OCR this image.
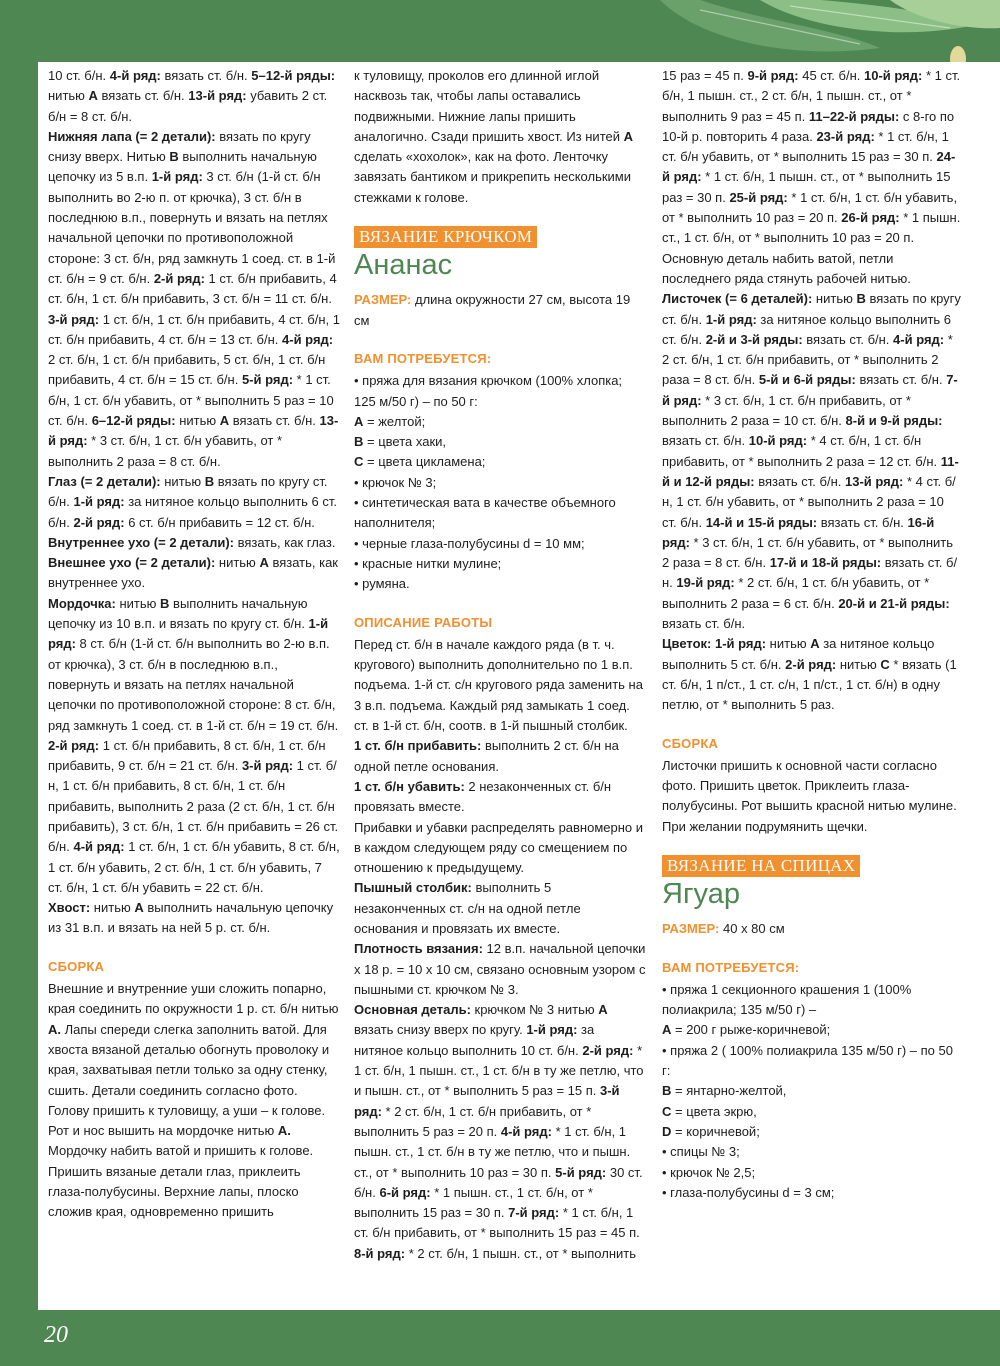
10 ст. б/н. 4-й ряд: вязать ст. б/н. 5–12-й ряды: нитью А вязать ст. б/н. 13-й ряд: убавить 2 ст. б/н = 8 ст. б/н.

Нижняя лапа (= 2 детали): вязать по кругу снизу вверх. Нитью В выполнить начальную цепочку из 5 в.п. 1-й ряд: 3 ст. б/н (1-й ст. б/н выполнить во 2-ю п. от крючка), 3 ст. б/н в последнюю в.п., повернуть и вязать на петлях начальной цепочки по противоположной стороне: 3 ст. б/н, ряд замкнуть 1 соед. ст. в 1-й ст. б/н = 9 ст. б/н. 2-й ряд: 1 ст. б/н прибавить, 4 ст. б/н, 1 ст. б/н прибавить, 3 ст. б/н = 11 ст. б/н. 3-й ряд: 1 ст. б/н, 1 ст. б/н прибавить, 4 ст. б/н, 1 ст. б/н прибавить, 4 ст. б/н = 13 ст. б/н. 4-й ряд: 2 ст. б/н, 1 ст. б/н прибавить, 5 ст. б/н, 1 ст. б/н прибавить, 4 ст. б/н = 15 ст. б/н. 5-й ряд: * 1 ст. б/н, 1 ст. б/н убавить, от * выполнить 5 раз = 10 ст. б/н. 6–12-й ряды: нитью А вязать ст. б/н. 13-й ряд: * 3 ст. б/н, 1 ст. б/н убавить, от * выполнить 2 раза = 8 ст. б/н.

Глаз (= 2 детали): нитью В вязать по кругу ст. б/н. 1-й ряд: за нитяное кольцо выполнить 6 ст. б/н. 2-й ряд: 6 ст. б/н прибавить = 12 ст. б/н.

Внутреннее ухо (= 2 детали): вязать, как глаз.

Внешнее ухо (= 2 детали): нитью А вязать, как внутреннее ухо.

Мордочка: нитью В выполнить начальную цепочку из 10 в.п. и вязать по кругу ст. б/н. 1-й ряд: 8 ст. б/н (1-й ст. б/н выполнить во 2-ю в.п. от крючка), 3 ст. б/н в последнюю в.п., повернуть и вязать на петлях начальной цепочки по противоположной стороне: 8 ст. б/н, ряд замкнуть 1 соед. ст. в 1-й ст. б/н = 19 ст. б/н. 2-й ряд: 1 ст. б/н прибавить, 8 ст. б/н, 1 ст. б/н прибавить, 9 ст. б/н = 21 ст. б/н. 3-й ряд: 1 ст. б/н, 1 ст. б/н прибавить, 8 ст. б/н, 1 ст. б/н прибавить, выполнить 2 раза (2 ст. б/н, 1 ст. б/н прибавить), 3 ст. б/н, 1 ст. б/н прибавить = 26 ст. б/н. 4-й ряд: 1 ст. б/н, 1 ст. б/н убавить, 8 ст. б/н, 1 ст. б/н убавить, 2 ст. б/н, 1 ст. б/н убавить, 7 ст. б/н, 1 ст. б/н убавить = 22 ст. б/н.

Хвост: нитью А выполнить начальную цепочку из 31 в.п. и вязать на ней 5 р. ст. б/н.

СБОРКА

Внешние и внутренние уши сложить попарно, края соединить по окружности 1 р. ст. б/н нитью А. Лапы спереди слегка заполнить ватой. Для хвоста вязаной деталью обогнуть проволоку и края, захватывая петли только за одну стенку, сшить. Детали соединить согласно фото. Голову пришить к туловищу, а уши – к голове. Рот и нос вышить на мордочке нитью А. Мордочку набить ватой и пришить к голове. Пришить вязаные детали глаз, приклеить глаза-полубусины. Верхние лапы, плоско сложив края, одновременно пришить

к туловищу, проколов его длинной иглой насквозь так, чтобы лапы оставались подвижными. Нижние лапы пришить аналогично. Сзади пришить хвост. Из нитей А сделать «хохолок», как на фото. Ленточку завязать бантиком и прикрепить несколькими стежками к голове.

ВЯЗАНИЕ КРЮЧКОМ

Ананас

РАЗМЕР: длина окружности 27 см, высота 19 см

ВАМ ПОТРЕБУЕТСЯ:

• пряжа для вязания крючком (100% хлопка; 125 м/50 г) – по 50 г:

А = желтой;

В = цвета хаки,

С = цвета цикламена;

• крючок № 3;

• синтетическая вата в качестве объемного наполнителя;

• черные глаза-полубусины d = 10 мм;

• красные нитки мулине;

• румяна.

ОПИСАНИЕ РАБОТЫ

Перед ст. б/н в начале каждого ряда (в т. ч. кругового) выполнить дополнительно по 1 в.п. подъема. 1-й ст. с/н кругового ряда заменить на 3 в.п. подъема. Каждый ряд замыкать 1 соед. ст. в 1-й ст. б/н, соотв. в 1-й пышный столбик.

1 ст. б/н прибавить: выполнить 2 ст. б/н на одной петле основания.

1 ст. б/н убавить: 2 незаконченных ст. б/н провязать вместе.

Прибавки и убавки распределять равномерно и в каждом следующем ряду со смещением по отношению к предыдущему.

Пышный столбик: выполнить 5 незаконченных ст. с/н на одной петле основания и провязать их вместе.

Плотность вязания: 12 в.п. начальной цепочки x 18 р. = 10 x 10 см, связано основным узором с пышными ст. крючком № 3.

Основная деталь: крючком № 3 нитью А вязать снизу вверх по кругу. 1-й ряд: за нитяное кольцо выполнить 10 ст. б/н. 2-й ряд: * 1 ст. б/н, 1 пышн. ст., 1 ст. б/н в ту же петлю, что и пышн. ст., от * выполнить 5 раз = 15 п. 3-й ряд: * 2 ст. б/н, 1 ст. б/н прибавить, от * выполнить 5 раз = 20 п. 4-й ряд: * 1 ст. б/н, 1 пышн. ст., 1 ст. б/н в ту же петлю, что и пышн. ст., от * выполнить 10 раз = 30 п. 5-й ряд: 30 ст. б/н. 6-й ряд: * 1 пышн. ст., 1 ст. б/н, от * выполнить 15 раз = 30 п. 7-й ряд: * 1 ст. б/н, 1 ст. б/н прибавить, от * выполнить 15 раз = 45 п. 8-й ряд: * 2 ст. б/н, 1 пышн. ст., от * выполнить

15 раз = 45 п. 9-й ряд: 45 ст. б/н. 10-й ряд: * 1 ст. б/н, 1 пышн. ст., 2 ст. б/н, 1 пышн. ст., от * выполнить 9 раз = 45 п. 11–22-й ряды: с 8-го по 10-й р. повторить 4 раза. 23-й ряд: * 1 ст. б/н, 1 ст. б/н убавить, от * выполнить 15 раз = 30 п. 24-й ряд: * 1 ст. б/н, 1 пышн. ст., от * выполнить 15 раз = 30 п. 25-й ряд: * 1 ст. б/н, 1 ст. б/н убавить, от * выполнить 10 раз = 20 п. 26-й ряд: * 1 пышн. ст., 1 ст. б/н, от * выполнить 10 раз = 20 п. Основную деталь набить ватой, петли последнего ряда стянуть рабочей нитью.

Листочек (= 6 деталей): нитью В вязать по кругу ст. б/н. 1-й ряд: за нитяное кольцо выполнить 6 ст. б/н. 2-й и 3-й ряды: вязать ст. б/н. 4-й ряд: * 2 ст. б/н, 1 ст. б/н прибавить, от * выполнить 2 раза = 8 ст. б/н. 5-й и 6-й ряды: вязать ст. б/н. 7-й ряд: * 3 ст. б/н, 1 ст. б/н прибавить, от * выполнить 2 раза = 10 ст. б/н. 8-й и 9-й ряды: вязать ст. б/н. 10-й ряд: * 4 ст. б/н, 1 ст. б/н прибавить, от * выполнить 2 раза = 12 ст. б/н. 11-й и 12-й ряды: вязать ст. б/н. 13-й ряд: * 4 ст. б/н, 1 ст. б/н убавить, от * выполнить 2 раза = 10 ст. б/н. 14-й и 15-й ряды: вязать ст. б/н. 16-й ряд: * 3 ст. б/н, 1 ст. б/н убавить, от * выполнить 2 раза = 8 ст. б/н. 17-й и 18-й ряды: вязать ст. б/н. 19-й ряд: * 2 ст. б/н, 1 ст. б/н убавить, от * выполнить 2 раза = 6 ст. б/н. 20-й и 21-й ряды: вязать ст. б/н.

Цветок: 1-й ряд: нитью А за нитяное кольцо выполнить 5 ст. б/н. 2-й ряд: нитью С * вязать (1 ст. б/н, 1 п/ст., 1 ст. с/н, 1 п/ст., 1 ст. б/н) в одну петлю, от * выполнить 5 раз.

СБОРКА

Листочки пришить к основной части согласно фото. Пришить цветок. Приклеить глаза-полубусины. Рот вышить красной нитью мулине. При желании подрумянить щечки.

ВЯЗАНИЕ НА СПИЦАХ

Ягуар

РАЗМЕР: 40 x 80 см

ВАМ ПОТРЕБУЕТСЯ:

• пряжа 1 секционного крашения 1 (100% полиакрила; 135 м/50 г) –

А = 200 г рыже-коричневой;

• пряжа 2 ( 100% полиакрила 135 м/50 г) – по 50 г:

В = янтарно-желтой,

С = цвета экрю,

D = коричневой;

• спицы № 3;

• крючок № 2,5;

• глаза-полубусины d = 3 см;

20
